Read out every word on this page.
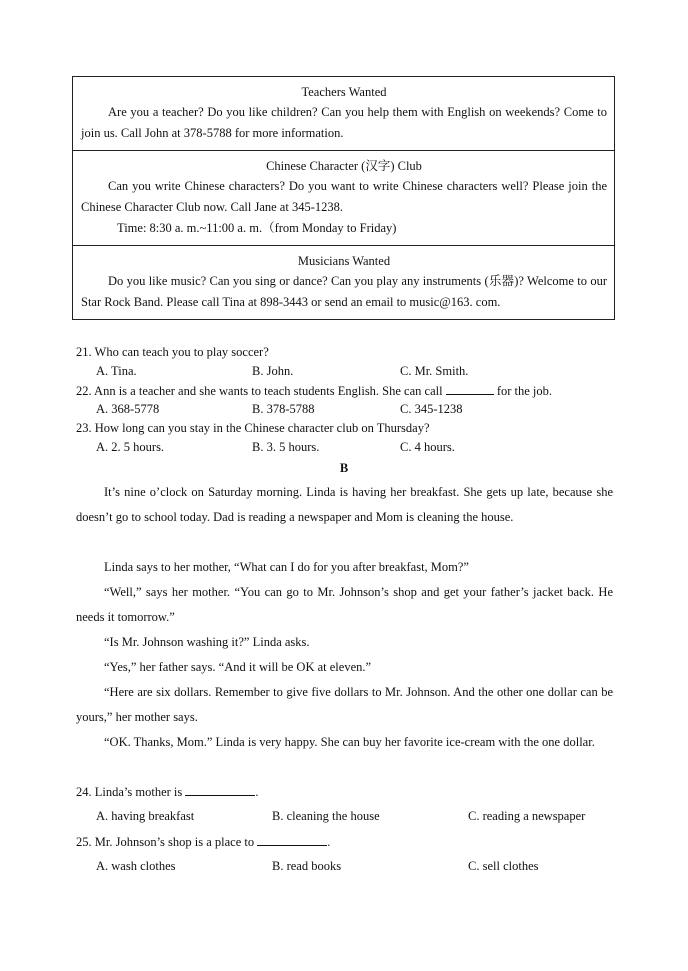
Teachers Wanted
Are you a teacher? Do you like children? Can you help them with English on weekends? Come to join us. Call John at 378-5788 for more information.
Chinese Character (汉字) Club
Can you write Chinese characters? Do you want to write Chinese characters well? Please join the Chinese Character Club now. Call Jane at 345-1238.
Time: 8:30 a. m.~11:00 a. m.（from Monday to Friday)
Musicians Wanted
Do you like music? Can you sing or dance? Can you play any instruments (乐器)? Welcome to our Star Rock Band. Please call Tina at 898-3443 or send an email to music@163. com.
21. Who can teach you to play soccer?
A. Tina.	B. John.	C. Mr. Smith.
22. Ann is a teacher and she wants to teach students English. She can call	for the job.
A. 368-5778	B. 378-5788	C. 345-1238
23. How long can you stay in the Chinese character club on Thursday?
A. 2. 5 hours.	B. 3. 5 hours.	C. 4 hours.
B

It’s nine o’clock on Saturday morning. Linda is having her breakfast. She gets up late, because she doesn’t go to school today. Dad is reading a newspaper and Mom is cleaning the house.

Linda says to her mother, “What can I do for you after breakfast, Mom?”

“Well,” says her mother. “You can go to Mr. Johnson’s shop and get your father’s jacket back. He needs it tomorrow.”

“Is Mr. Johnson washing it?” Linda asks.

“Yes,” her father says. “And it will be OK at eleven.”

“Here are six dollars. Remember to give five dollars to Mr. Johnson. And the other one dollar can be yours,” her mother says.

“OK. Thanks, Mom.” Linda is very happy. She can buy her favorite ice-cream with the one dollar.

24. Linda’s mother is	.
A. having breakfast	B. cleaning the house	C. reading a newspaper
25. Mr. Johnson’s shop is a place to	.
A. wash clothes	B. read books	C. sell clothes
